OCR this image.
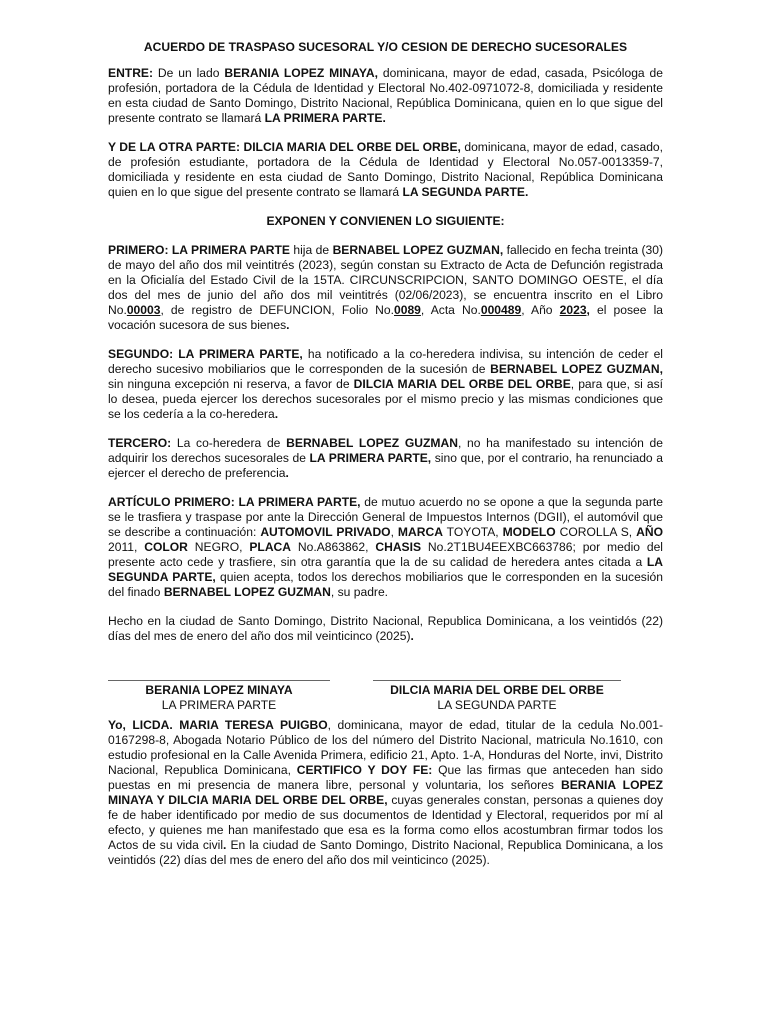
ACUERDO DE TRASPASO SUCESORAL Y/O CESION DE DERECHO SUCESORALES

ENTRE: De un lado BERANIA LOPEZ MINAYA, dominicana, mayor de edad, casada, Psicóloga de profesión, portadora de la Cédula de Identidad y Electoral No.402-0971072-8, domiciliada y residente en esta ciudad de Santo Domingo, Distrito Nacional, República Dominicana, quien en lo que sigue del presente contrato se llamará LA PRIMERA PARTE.

Y DE LA OTRA PARTE: DILCIA MARIA DEL ORBE DEL ORBE, dominicana, mayor de edad, casado, de profesión estudiante, portadora de la Cédula de Identidad y Electoral No.057-0013359-7, domiciliada y residente en esta ciudad de Santo Domingo, Distrito Nacional, República Dominicana quien en lo que sigue del presente contrato se llamará LA SEGUNDA PARTE.

EXPONEN Y CONVIENEN LO SIGUIENTE:

PRIMERO: LA PRIMERA PARTE hija de BERNABEL LOPEZ GUZMAN, fallecido en fecha treinta (30) de mayo del año dos mil veintitrés (2023), según constan su Extracto de Acta de Defunción registrada en la Oficialía del Estado Civil de la 15TA. CIRCUNSCRIPCION, SANTO DOMINGO OESTE, el día dos del mes de junio del año dos mil veintitrés (02/06/2023), se encuentra inscrito en el Libro No.00003, de registro de DEFUNCION, Folio No.0089, Acta No.000489, Año 2023, el posee la vocación sucesora de sus bienes.

SEGUNDO: LA PRIMERA PARTE, ha notificado a la co-heredera indivisa, su intención de ceder el derecho sucesivo mobiliarios que le corresponden de la sucesión de BERNABEL LOPEZ GUZMAN, sin ninguna excepción ni reserva, a favor de DILCIA MARIA DEL ORBE DEL ORBE, para que, si así lo desea, pueda ejercer los derechos sucesorales por el mismo precio y las mismas condiciones que se los cedería a la co-heredera.

TERCERO: La co-heredera de BERNABEL LOPEZ GUZMAN, no ha manifestado su intención de adquirir los derechos sucesorales de LA PRIMERA PARTE, sino que, por el contrario, ha renunciado a ejercer el derecho de preferencia.

ARTÍCULO PRIMERO: LA PRIMERA PARTE, de mutuo acuerdo no se opone a que la segunda parte se le trasfiera y traspase por ante la Dirección General de Impuestos Internos (DGII), el automóvil que se describe a continuación: AUTOMOVIL PRIVADO, MARCA TOYOTA, MODELO COROLLA S, AÑO 2011, COLOR NEGRO, PLACA No.A863862, CHASIS No.2T1BU4EEXBC663786; por medio del presente acto cede y trasfiere, sin otra garantía que la de su calidad de heredera antes citada a LA SEGUNDA PARTE, quien acepta, todos los derechos mobiliarios que le corresponden en la sucesión del finado BERNABEL LOPEZ GUZMAN, su padre.

Hecho en la ciudad de Santo Domingo, Distrito Nacional, Republica Dominicana, a los veintidós (22) días del mes de enero del año dos mil veinticinco (2025).

BERANIA LOPEZ MINAYA
LA PRIMERA PARTE
DILCIA MARIA DEL ORBE DEL ORBE
LA SEGUNDA PARTE

Yo, LICDA. MARIA TERESA PUIGBO, dominicana, mayor de edad, titular de la cedula No.001-0167298-8, Abogada Notario Público de los del número del Distrito Nacional, matricula No.1610, con estudio profesional en la Calle Avenida Primera, edificio 21, Apto. 1-A, Honduras del Norte, invi, Distrito Nacional, Republica Dominicana, CERTIFICO Y DOY FE: Que las firmas que anteceden han sido puestas en mi presencia de manera libre, personal y voluntaria, los señores BERANIA LOPEZ MINAYA Y DILCIA MARIA DEL ORBE DEL ORBE, cuyas generales constan, personas a quienes doy fe de haber identificado por medio de sus documentos de Identidad y Electoral, requeridos por mí al efecto, y quienes me han manifestado que esa es la forma como ellos acostumbran firmar todos los Actos de su vida civil. En la ciudad de Santo Domingo, Distrito Nacional, Republica Dominicana, a los veintidós (22) días del mes de enero del año dos mil veinticinco (2025).
